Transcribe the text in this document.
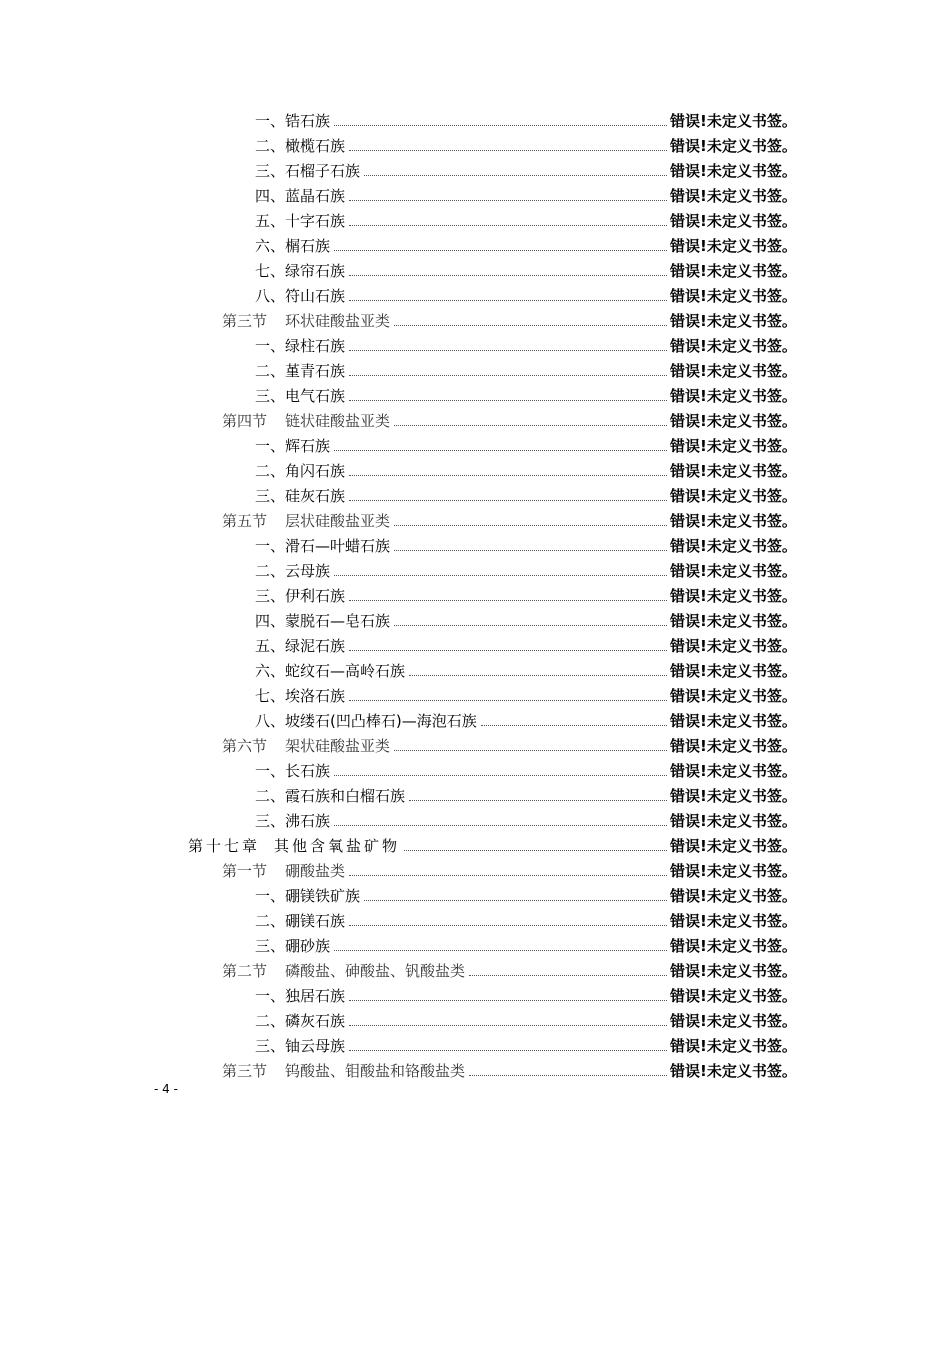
一、 锆石族	错误!未定义书签。
二、 橄榄石族	错误!未定义书签。
三、 石榴子石族	错误!未定义书签。
四、 蓝晶石族	错误!未定义书签。
五、 十字石族	错误!未定义书签。
六、 榍石族	错误!未定义书签。
七、 绿帘石族	错误!未定义书签。
八、 符山石族	错误!未定义书签。
第三节 环状硅酸盐亚类	错误!未定义书签。
一、 绿柱石族	错误!未定义书签。
二、 堇青石族	错误!未定义书签。
三、 电气石族	错误!未定义书签。
第四节 链状硅酸盐亚类	错误!未定义书签。
一、 辉石族	错误!未定义书签。
二、 角闪石族	错误!未定义书签。
三、 硅灰石族	错误!未定义书签。
第五节 层状硅酸盐亚类	错误!未定义书签。
一、 滑石—叶蜡石族	错误!未定义书签。
二、 云母族	错误!未定义书签。
三、 伊利石族	错误!未定义书签。
四、 蒙脱石—皂石族	错误!未定义书签。
五、 绿泥石族	错误!未定义书签。
六、 蛇纹石—高岭石族	错误!未定义书签。
七、 埃洛石族	错误!未定义书签。
八、 坡缕石(凹凸棒石)—海泡石族	错误!未定义书签。
第六节 架状硅酸盐亚类	错误!未定义书签。
一、 长石族	错误!未定义书签。
二、 霞石族和白榴石族	错误!未定义书签。
三、 沸石族	错误!未定义书签。
第十七章 其他含氧盐矿物	错误!未定义书签。
第一节 硼酸盐类	错误!未定义书签。
一、 硼镁铁矿族	错误!未定义书签。
二、 硼镁石族	错误!未定义书签。
三、 硼砂族	错误!未定义书签。
第二节 磷酸盐、砷酸盐、钒酸盐类	错误!未定义书签。
一、 独居石族	错误!未定义书签。
二、 磷灰石族	错误!未定义书签。
三、 铀云母族	错误!未定义书签。
第三节 钨酸盐、钼酸盐和铬酸盐类	错误!未定义书签。
- 4 -
